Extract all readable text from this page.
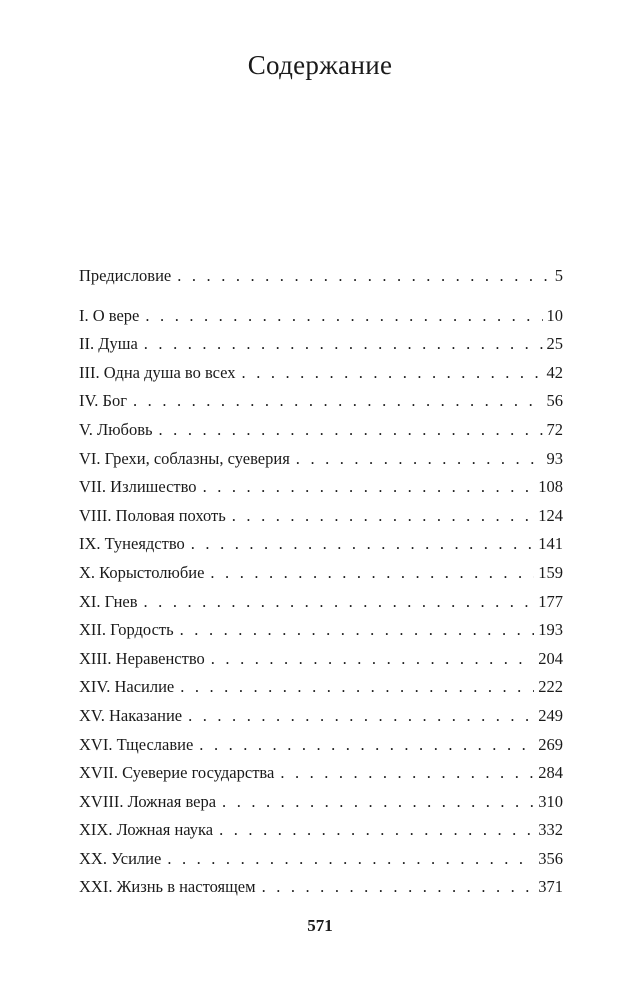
Содержание
Предисловие . . .	5
I. О вере . . .	10
II. Душа . . .	25
III. Одна душа во всех . . .	42
IV. Бог . . .	56
V. Любовь . . .	72
VI. Грехи, соблазны, суеверия . . .	93
VII. Излишество . . .	108
VIII. Половая похоть . . .	124
IX. Тунеядство . . .	141
X. Корыстолюбие . . .	159
XI. Гнев . . .	177
XII. Гордость . . .	193
XIII. Неравенство . . .	204
XIV. Насилие . . .	222
XV. Наказание . . .	249
XVI. Тщеславие . . .	269
XVII. Суеверие государства . . .	284
XVIII. Ложная вера . . .	310
XIX. Ложная наука . . .	332
XX. Усилие . . .	356
XXI. Жизнь в настоящем . . .	371
571
